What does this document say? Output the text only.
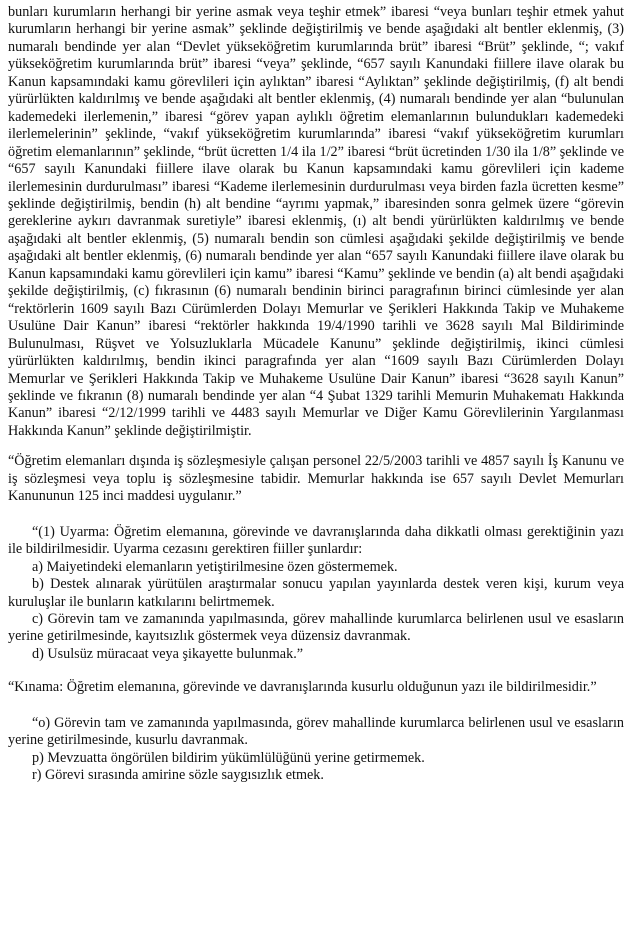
bunları kurumların herhangi bir yerine asmak veya teşhir etmek” ibaresi “veya bunları teşhir etmek yahut kurumların herhangi bir yerine asmak” şeklinde değiştirilmiş ve bende aşağıdaki alt bentler eklenmiş, (3) numaralı bendinde yer alan “Devlet yükseköğretim kurumlarında brüt” ibaresi “Brüt” şeklinde, “; vakıf yükseköğretim kurumlarında brüt” ibaresi “veya” şeklinde, “657 sayılı Kanundaki fiillere ilave olarak bu Kanun kapsamındaki kamu görevlileri için aylıktan” ibaresi “Aylıktan” şeklinde değiştirilmiş, (f) alt bendi yürürlükten kaldırılmış ve bende aşağıdaki alt bentler eklenmiş, (4) numaralı bendinde yer alan “bulunulan kademedeki ilerlemenin,” ibaresi “görev yapan aylıklı öğretim elemanlarının bulundukları kademedeki ilerlemelerinin” şeklinde, “vakıf yükseköğretim kurumlarında” ibaresi “vakıf yükseköğretim kurumları öğretim elemanlarının” şeklinde, “brüt ücretten 1/4 ila 1/2” ibaresi “brüt ücretinden 1/30 ila 1/8” şeklinde ve “657 sayılı Kanundaki fiillere ilave olarak bu Kanun kapsamındaki kamu görevlileri için kademe ilerlemesinin durdurulması” ibaresi “Kademe ilerlemesinin durdurulması veya birden fazla ücretten kesme” şeklinde değiştirilmiş, bendin (h) alt bendine “ayrımı yapmak,” ibaresinden sonra gelmek üzere “görevin gereklerine aykırı davranmak suretiyle” ibaresi eklenmiş, (ı) alt bendi yürürlükten kaldırılmış ve bende aşağıdaki alt bentler eklenmiş, (5) numaralı bendin son cümlesi aşağıdaki şekilde değiştirilmiş ve bende aşağıdaki alt bentler eklenmiş, (6) numaralı bendinde yer alan “657 sayılı Kanundaki fiillere ilave olarak bu Kanun kapsamındaki kamu görevlileri için kamu” ibaresi “Kamu” şeklinde ve bendin (a) alt bendi aşağıdaki şekilde değiştirilmiş, (c) fıkrasının (6) numaralı bendinin birinci paragrafının birinci cümlesinde yer alan “rektörlerin 1609 sayılı Bazı Cürümlerden Dolayı Memurlar ve Şerikleri Hakkında Takip ve Muhakeme Usulüne Dair Kanun” ibaresi “rektörler hakkında 19/4/1990 tarihli ve 3628 sayılı Mal Bildiriminde Bulunulması, Rüşvet ve Yolsuzluklarla Mücadele Kanunu” şeklinde değiştirilmiş, ikinci cümlesi yürürlükten kaldırılmış, bendin ikinci paragrafında yer alan “1609 sayılı Bazı Cürümlerden Dolayı Memurlar ve Şerikleri Hakkında Takip ve Muhakeme Usulüne Dair Kanun” ibaresi “3628 sayılı Kanun” şeklinde ve fıkranın (8) numaralı bendinde yer alan “4 Şubat 1329 tarihli Memurin Muhakematı Hakkında Kanun” ibaresi “2/12/1999 tarihli ve 4483 sayılı Memurlar ve Diğer Kamu Görevlilerinin Yargılanması Hakkında Kanun” şeklinde değiştirilmiştir.

“Öğretim elemanları dışında iş sözleşmesiyle çalışan personel 22/5/2003 tarihli ve 4857 sayılı İş Kanunu ve iş sözleşmesi veya toplu iş sözleşmesine tabidir. Memurlar hakkında ise 657 sayılı Devlet Memurları Kanununun 125 inci maddesi uygulanır.”

“(1) Uyarma: Öğretim elemanına, görevinde ve davranışlarında daha dikkatli olması gerektiğinin yazı ile bildirilmesidir. Uyarma cezasını gerektiren fiiller şunlardır:

a) Maiyetindeki elemanların yetiştirilmesine özen göstermemek.

b) Destek alınarak yürütülen araştırmalar sonucu yapılan yayınlarda destek veren kişi, kurum veya kuruluşlar ile bunların katkılarını belirtmemek.

c) Görevin tam ve zamanında yapılmasında, görev mahallinde kurumlarca belirlenen usul ve esasların yerine getirilmesinde, kayıtsızlık göstermek veya düzensiz davranmak.

d) Usulsüz müracaat veya şikayette bulunmak.”

“Kınama: Öğretim elemanına, görevinde ve davranışlarında kusurlu olduğunun yazı ile bildirilmesidir.”

“o) Görevin tam ve zamanında yapılmasında, görev mahallinde kurumlarca belirlenen usul ve esasların yerine getirilmesinde, kusurlu davranmak.

p) Mevzuatta öngörülen bildirim yükümlülüğünü yerine getirmemek.

r) Görevi sırasında amirine sözle saygısızlık etmek.
